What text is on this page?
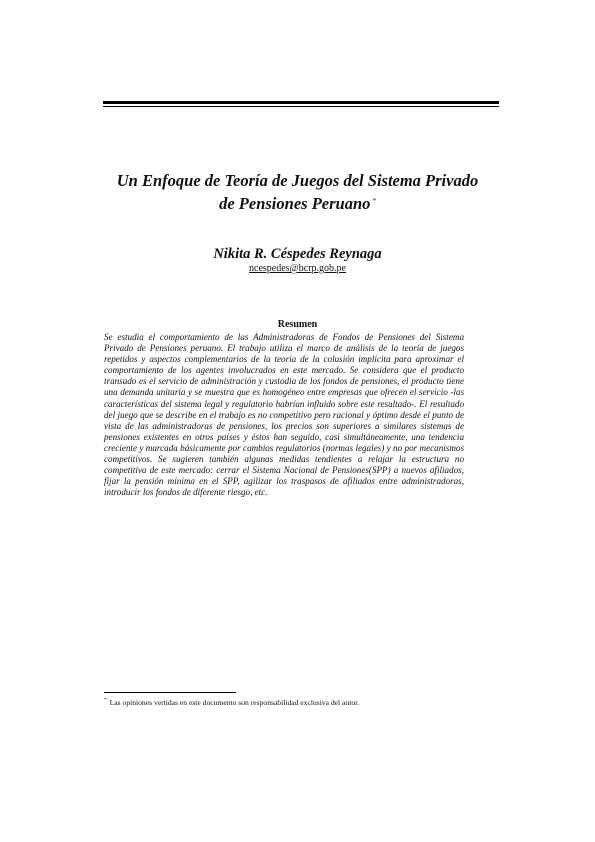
Un Enfoque de Teoría de Juegos del Sistema Privado
de Pensiones Peruano *
Nikita R. Céspedes Reynaga
ncespedes@bcrp.gob.pe
Resumen

Se estudia el comportamiento de las Administradoras de Fondos de Pensiones del Sistema Privado de Pensiones peruano. El trabajo utiliza el marco de análisis de la teoría de juegos repetidos y aspectos complementarios de la teoría de la colusión implícita para aproximar el comportamiento de los agentes involucrados en este mercado. Se considera que el producto transado es el servicio de administración y custodia de los fondos de pensiones, el producto tiene una demanda unitaria y se muestra que es homogéneo entre empresas que ofrecen el servicio -las características del sistema legal y regulatorio habrían influido sobre este resultado-. El resultado del juego que se describe en el trabajo es no competitivo pero racional y óptimo desde el punto de vista de las administradoras de pensiones, los precios son superiores a similares sistemas de pensiones existentes en otros países y éstos han seguido, casi simultáneamente, una tendencia creciente y marcada básicamente por cambios regulatorios (normas legales) y no por mecanismos competitivos. Se sugieren también algunas medidas tendientes a relajar la estructura no competitiva de este mercado: cerrar el Sistema Nacional de Pensiones(SPP) a nuevos afiliados, fijar la pensión mínima en el SPP, agilizar los traspasos de afiliados entre administradoras, introducir los fondos de diferente riesgo, etc.

* Las opiniones vertidas en este documento son responsabilidad exclusiva del autor.
